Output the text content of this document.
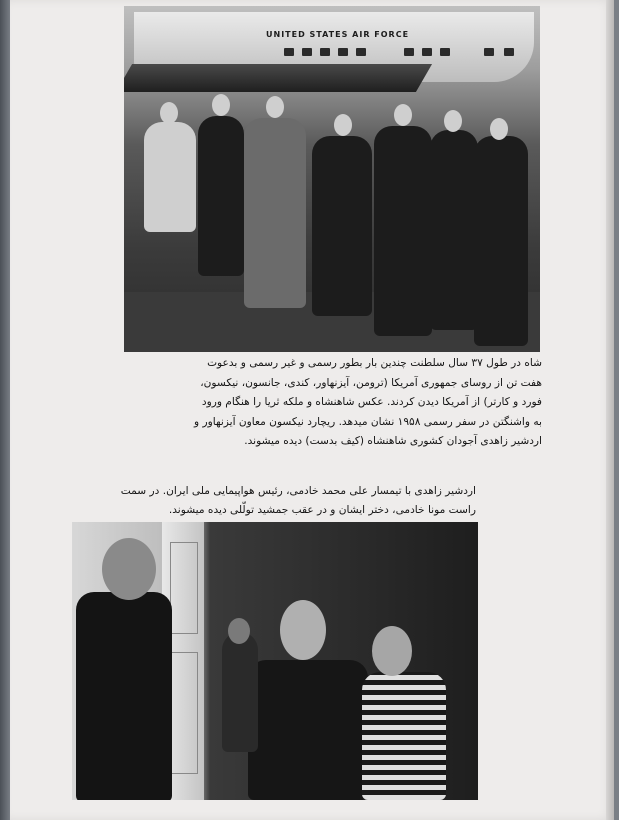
UNITED STATES AIR FORCE
شاه در طول ۳۷ سال سلطنت چندین بار بطور رسمی و غیر رسمی و بدعوت
هفت تن از روسای جمهوری آمریکا (ترومن، آیزنهاور، کندی، جانسون، نیکسون،
فورد و کارتر) از آمریکا دیدن کردند. عکس شاهنشاه و ملکه ثریا را هنگام ورود
به واشنگتن در سفر رسمی ۱۹۵۸ نشان میدهد. ریچارد نیکسون معاون آیزنهاور و
اردشیر زاهدی آجودان کشوری شاهنشاه (کیف بدست) دیده میشوند.
اردشیر زاهدی با تیمسار علی محمد خادمی، رئیس هواپیمایی ملی ایران. در سمت
راست مونا خادمی، دختر ایشان و در عقب جمشید تولّلی دیده میشوند.
